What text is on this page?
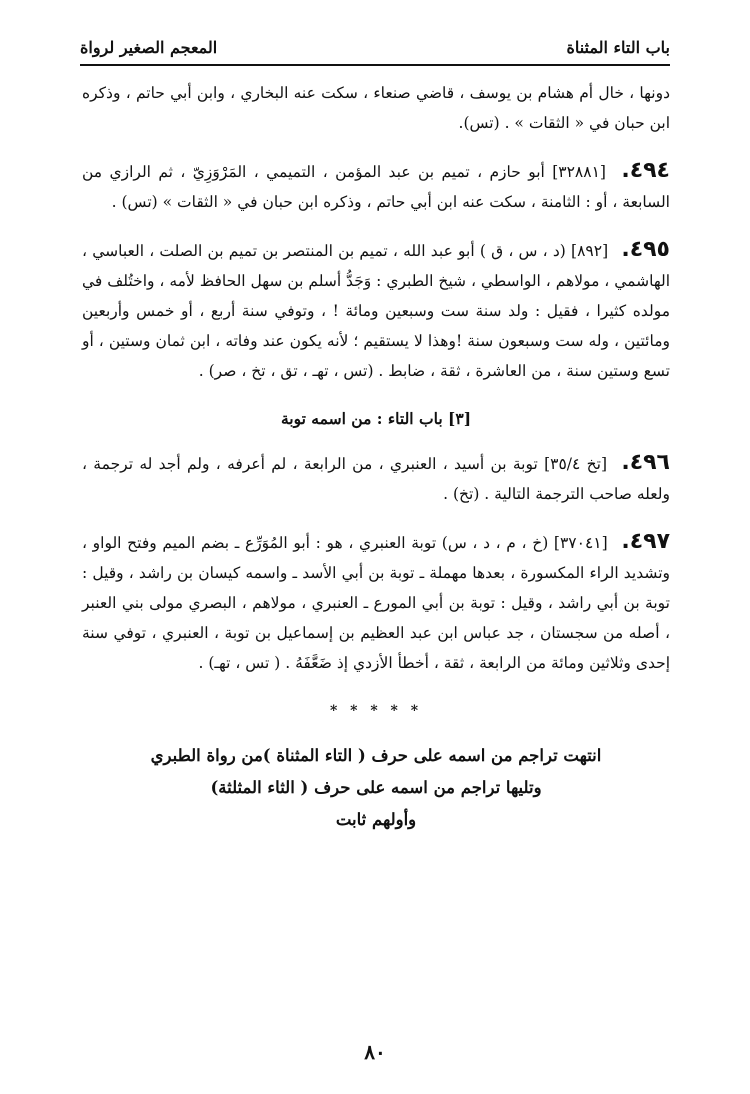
باب التاء المثناة
المعجم الصغير لرواة

دونها ، خال أم هشام بن يوسف ، قاضي صنعاء ، سكت عنه البخاري ، وابن أبي حاتم ، وذكره ابن حبان في « الثقات » . (تس).

٤٩٤. [٣٢٨٨١] أبو حازم ، تميم بن عبد المؤمن ، التميمي ، المَرْوَزِيّ ، ثم الرازي من السابعة ، أو : الثامنة ، سكت عنه ابن أبي حاتم ، وذكره ابن حبان في « الثقات » (تس) .

٤٩٥. [٨٩٢] (د ، س ، ق ) أبو عبد الله ، تميم بن المنتصر بن تميم بن الصلت ، العباسي ، الهاشمي ، مولاهم ، الواسطي ، شيخ الطبري : وَجَدُّ أسلم بن سهل الحافظ لأمه ، واختُلف في مولده كثيرا ، فقيل : ولد سنة ست وسبعين ومائة ! ، وتوفي سنة أربع ، أو خمس وأربعين ومائتين ، وله ست وسبعون سنة !وهذا لا يستقيم ؛ لأنه يكون عند وفاته ، ابن ثمان وستين ، أو تسع وستين سنة ، من العاشرة ، ثقة ، ضابط . (تس ، تهـ ، تق ، تخ ، صر) .

[٣] باب التاء : من اسمه توبة

٤٩٦. [تخ ٣٥/٤] توبة بن أسيد ، العنبري ، من الرابعة ، لم أعرفه ، ولم أجد له ترجمة ، ولعله صاحب الترجمة التالية . (تخ) .

٤٩٧. [٣٧٠٤١] (خ ، م ، د ، س) توبة العنبري ، هو : أبو المُوَرِّع ـ بضم الميم وفتح الواو ، وتشديد الراء المكسورة ، بعدها مهملة ـ توبة بن أبي الأسد ـ واسمه كيسان بن راشد ، وقيل : توبة بن أبي راشد ، وقيل : توبة بن أبي المورع ـ العنبري ، مولاهم ، البصري مولى بني العنبر ، أصله من سجستان ، جد عباس ابن عبد العظيم بن إسماعيل بن توبة ، العنبري ، توفي سنة إحدى وثلاثين ومائة من الرابعة ، ثقة ، أخطأ الأزدي إذ ضَعَّفَهُ . ( تس ، تهـ) .

* * * * *

انتهت تراجم من اسمه على حرف ( التاء المثناة )من رواة الطبري

وتليها تراجم من اسمه على حرف ( الثاء المثلثة)

وأولهم ثابت

٨٠
